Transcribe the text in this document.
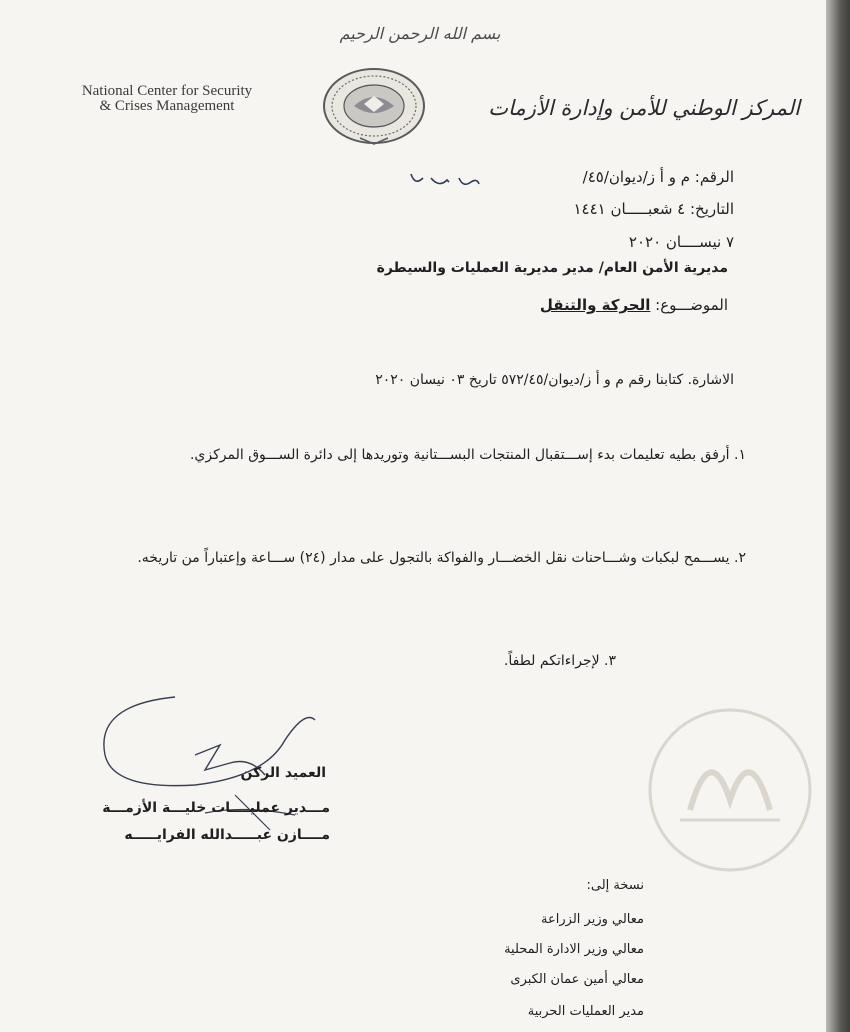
بسم الله الرحمن الرحيم
National Center for Security
& Crises Management	المركز الوطني للأمن وإدارة الأزمات
الرقم: م و أ ز/ديوان/٤٥/
التاريخ: ٤ شعبـــــان ١٤٤١
٧ نيســــان ٢٠٢٠
مديرية الأمن العام/ مدير مديرية العمليات والسيطرة
الموضـــوع: الحركة والتنقل
الاشارة. كتابنا رقم م و أ ز/ديوان/٥٧٢/٤٥ تاريخ ٠٣ نيسان ٢٠٢٠
١. أرفق بطيه تعليمات بدء إســـتقبال المنتجات البســـتانية وتوريدها إلى دائرة الســـوق المركزي.
٢. يســـمح لبكبات وشـــاحنات نقل الخضـــار والفواكة بالتجول على مدار (٢٤) ســـاعة وإعتباراً من تاريخه.
٣. لإجراءاتكم لطفاً.
العميد الركن
مـــدير عمليــــات خليـــة الأزمـــة
مــــازن عبـــــدالله الفرايـــــه
نسخة إلى:
معالي وزير الزراعة
معالي وزير الادارة المحلية
معالي أمين عمان الكبرى
مدير العمليات الحربية
